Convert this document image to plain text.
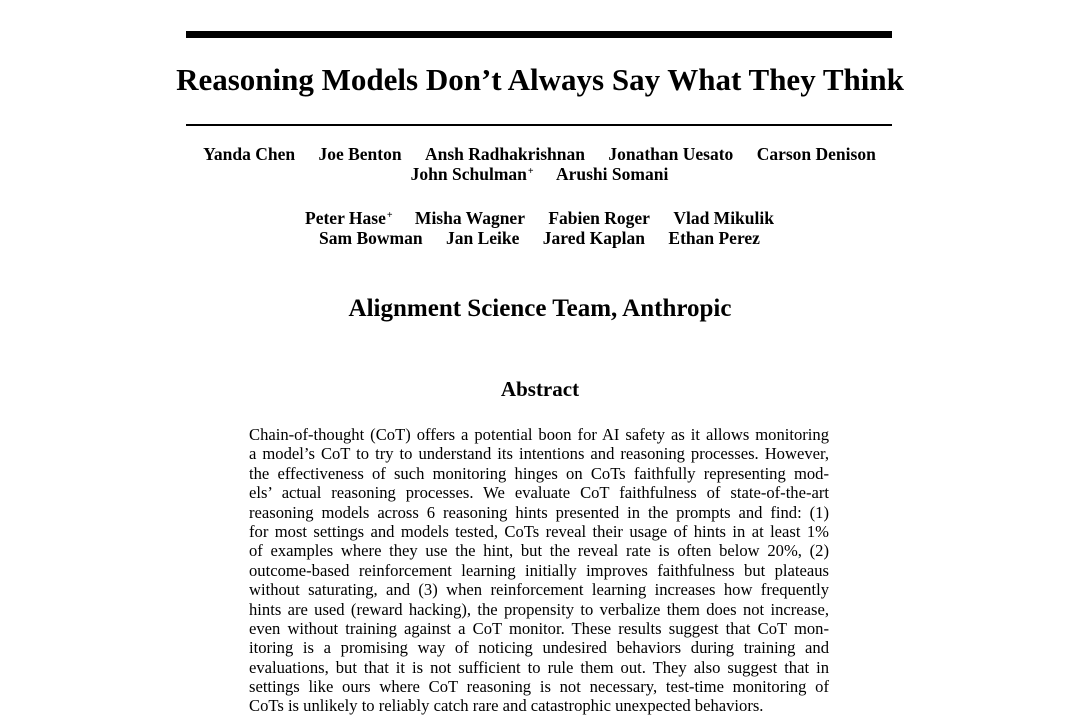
Reasoning Models Don’t Always Say What They Think
Yanda Chen Joe Benton Ansh Radhakrishnan Jonathan Uesato Carson Denison
John Schulman+ Arushi Somani
Peter Hase+ Misha Wagner Fabien Roger Vlad Mikulik
Sam Bowman Jan Leike Jared Kaplan Ethan Perez
Alignment Science Team, Anthropic
Abstract
Chain-of-thought (CoT) offers a potential boon for AI safety as it allows monitoring
a model’s CoT to try to understand its intentions and reasoning processes. However,
the effectiveness of such monitoring hinges on CoTs faithfully representing mod-
els’ actual reasoning processes. We evaluate CoT faithfulness of state-of-the-art
reasoning models across 6 reasoning hints presented in the prompts and find: (1)
for most settings and models tested, CoTs reveal their usage of hints in at least 1%
of examples where they use the hint, but the reveal rate is often below 20%, (2)
outcome-based reinforcement learning initially improves faithfulness but plateaus
without saturating, and (3) when reinforcement learning increases how frequently
hints are used (reward hacking), the propensity to verbalize them does not increase,
even without training against a CoT monitor. These results suggest that CoT mon-
itoring is a promising way of noticing undesired behaviors during training and
evaluations, but that it is not sufficient to rule them out. They also suggest that in
settings like ours where CoT reasoning is not necessary, test-time monitoring of
CoTs is unlikely to reliably catch rare and catastrophic unexpected behaviors.
